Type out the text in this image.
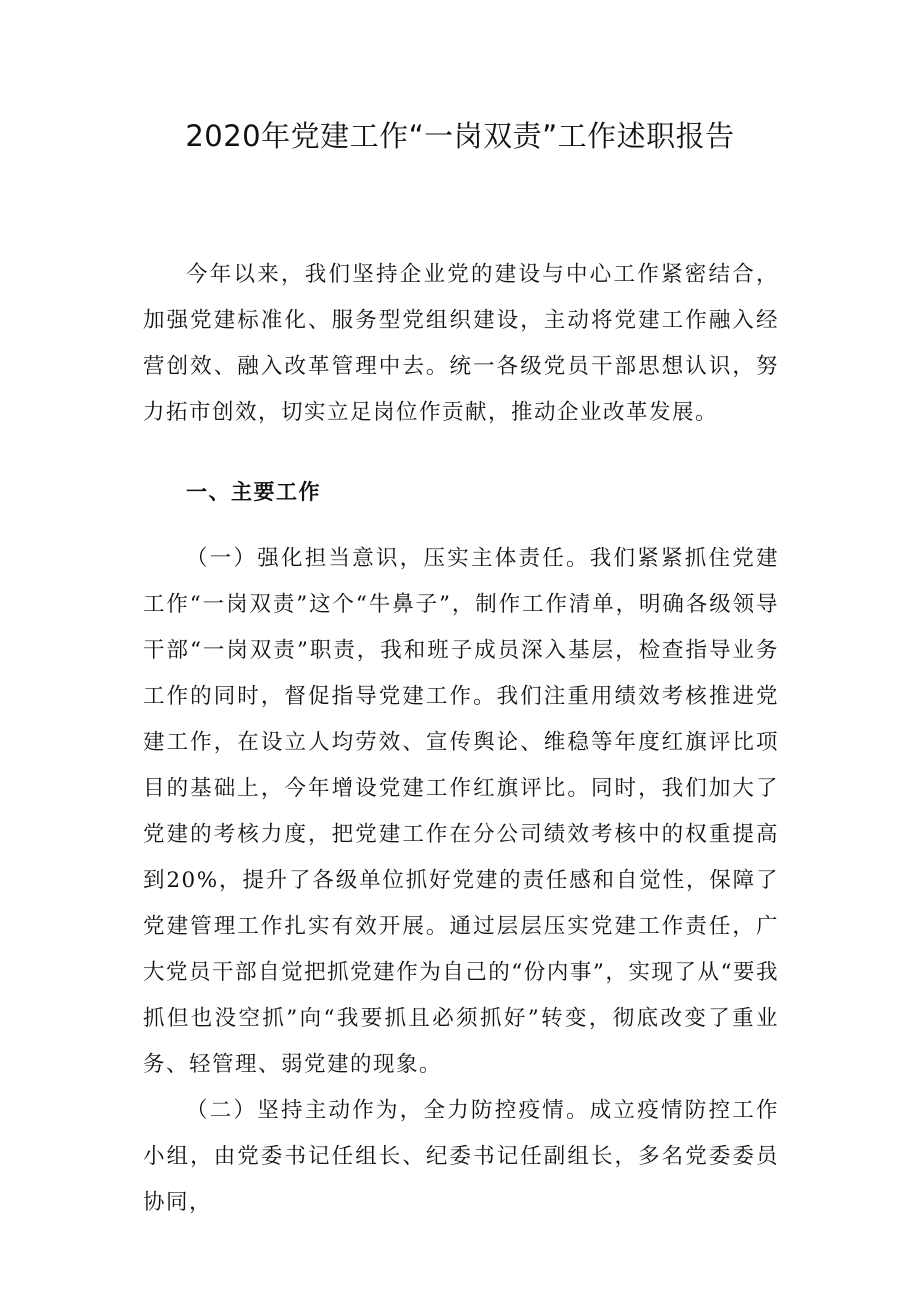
2020年党建工作“一岗双责”工作述职报告

今年以来，我们坚持企业党的建设与中心工作紧密结合，加强党建标准化、服务型党组织建设，主动将党建工作融入经营创效、融入改革管理中去。统一各级党员干部思想认识，努力拓市创效，切实立足岗位作贡献，推动企业改革发展。

一、主要工作

（一）强化担当意识，压实主体责任。我们紧紧抓住党建工作“一岗双责”这个“牛鼻子”，制作工作清单，明确各级领导干部“一岗双责”职责，我和班子成员深入基层，检查指导业务工作的同时，督促指导党建工作。我们注重用绩效考核推进党建工作，在设立人均劳效、宣传舆论、维稳等年度红旗评比项目的基础上，今年增设党建工作红旗评比。同时，我们加大了党建的考核力度，把党建工作在分公司绩效考核中的权重提高到20%，提升了各级单位抓好党建的责任感和自觉性，保障了党建管理工作扎实有效开展。通过层层压实党建工作责任，广大党员干部自觉把抓党建作为自己的“份内事”，实现了从“要我抓但也没空抓”向“我要抓且必须抓好”转变，彻底改变了重业务、轻管理、弱党建的现象。

（二）坚持主动作为，全力防控疫情。成立疫情防控工作小组，由党委书记任组长、纪委书记任副组长，多名党委委员协同，
